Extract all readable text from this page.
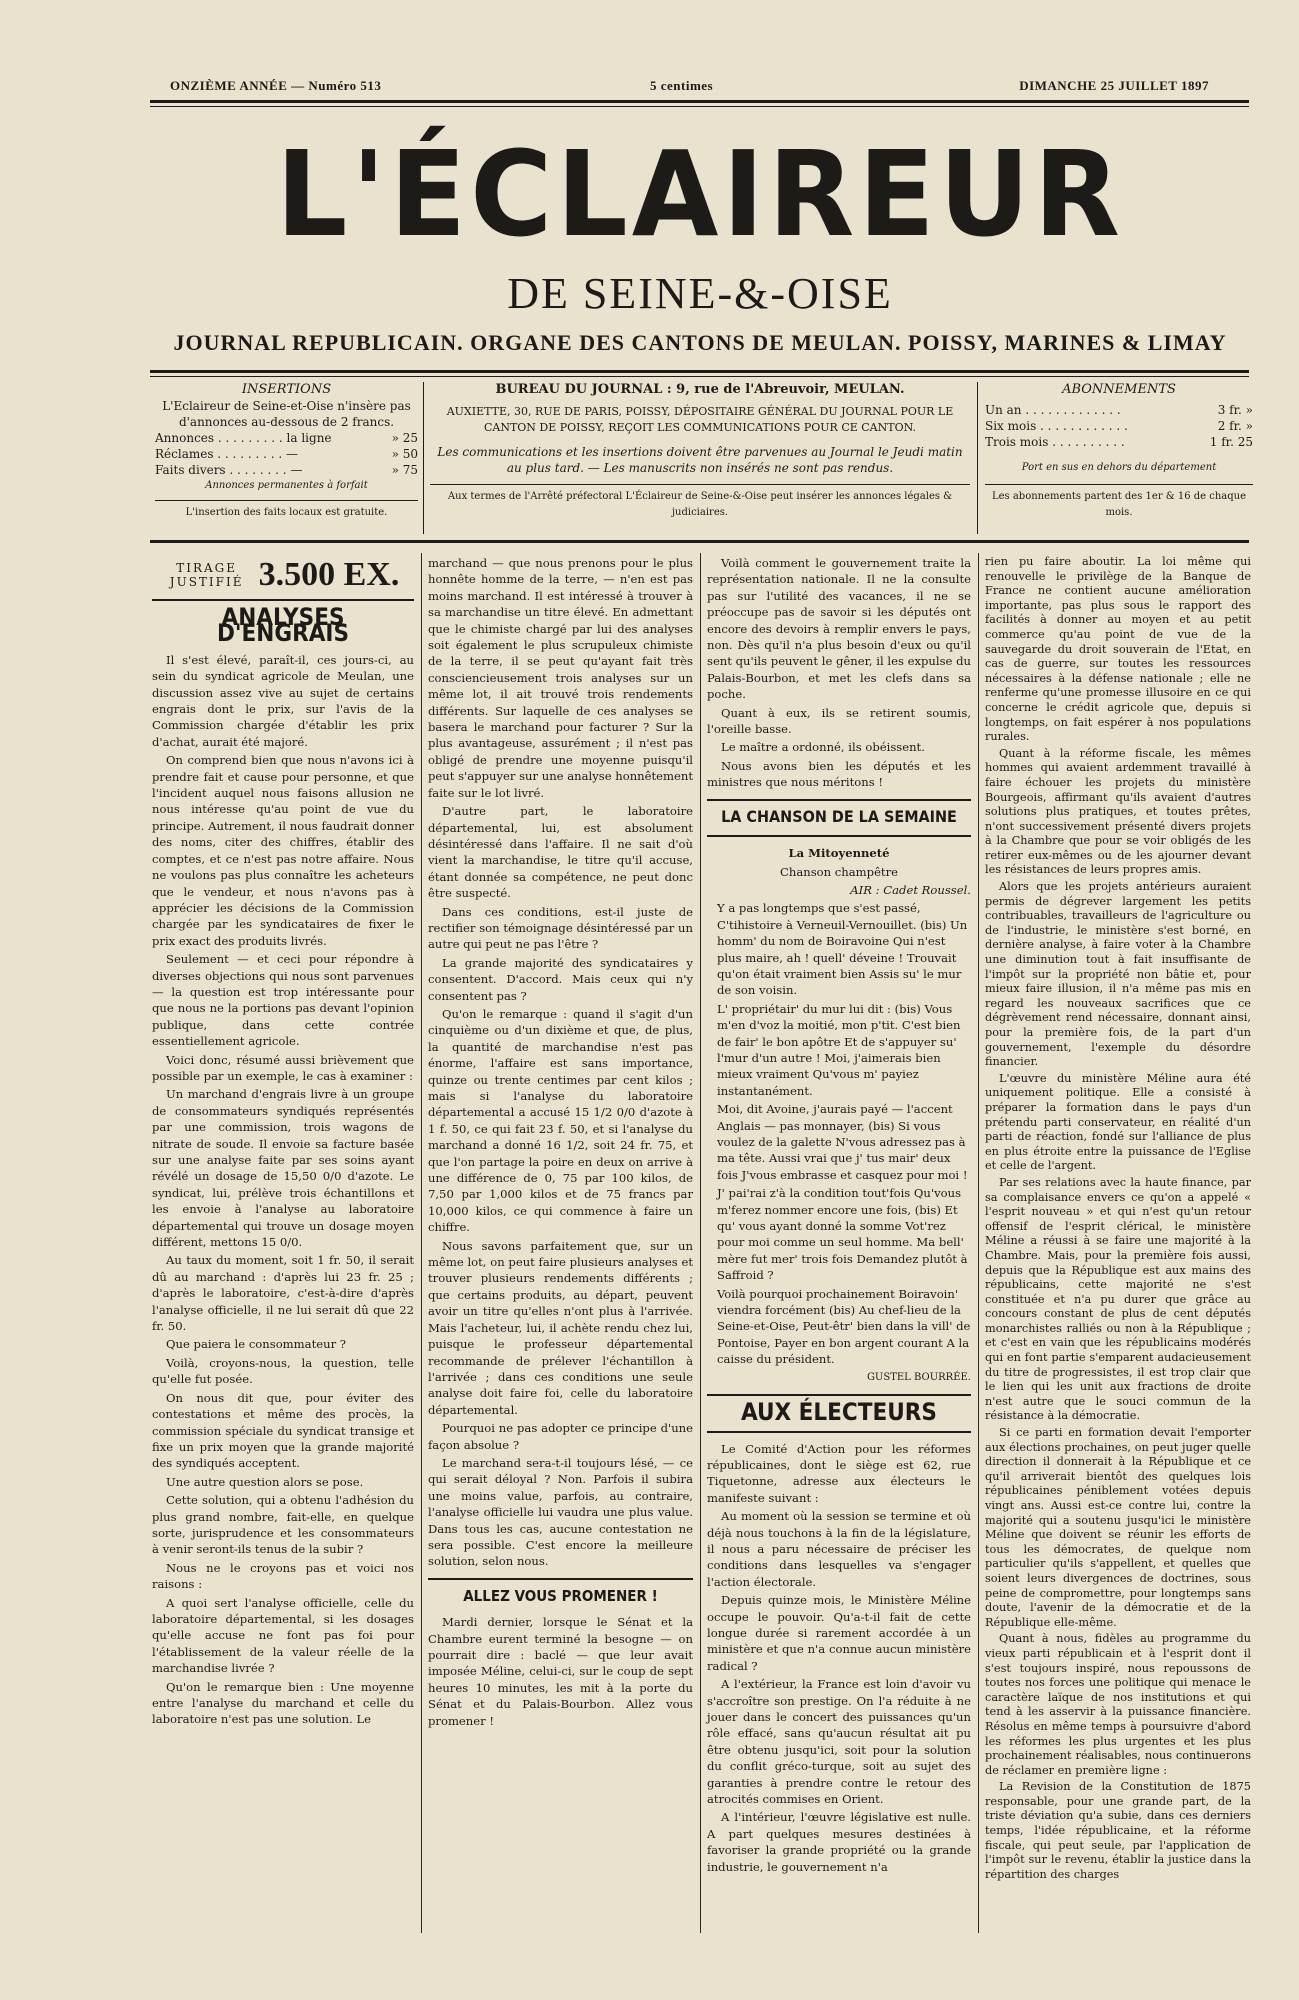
ONZIÈME ANNÉE — Numéro 513	5 centimes	DIMANCHE 25 JUILLET 1897
L'ÉCLAIREUR
DE SEINE-&-OISE
JOURNAL REPUBLICAIN. ORGANE DES CANTONS DE MEULAN. POISSY, MARINES & LIMAY
INSERTIONS
L'Eclaireur de Seine-et-Oise n'insère pas d'annonces au-dessous de 2 francs.
Annonces . . . . . . . . . la ligne	» 25
Réclames . . . . . . . . . —	» 50
Faits divers . . . . . . . . —	» 75
Annonces permanentes à forfait
L'insertion des faits locaux est gratuite.
BUREAU DU JOURNAL : 9, rue de l'Abreuvoir, MEULAN.
AUXIETTE, 30, RUE DE PARIS, POISSY, DÉPOSITAIRE GÉNÉRAL DU JOURNAL POUR LE CANTON DE POISSY, REÇOIT LES COMMUNICATIONS POUR CE CANTON.
Les communications et les insertions doivent être parvenues au Journal le Jeudi matin au plus tard. — Les manuscrits non insérés ne sont pas rendus.
Aux termes de l'Arrêté préfectoral L'Éclaireur de Seine-&-Oise peut insérer les annonces légales & judiciaires.
ABONNEMENTS
Un an . . . . . . . . . . . . .	3 fr. »
Six mois . . . . . . . . . . . .	2 fr. »
Trois mois . . . . . . . . . .	1 fr. 25
Port en sus en dehors du département
Les abonnements partent des 1er & 16 de chaque mois.
TIRAGE JUSTIFIÉ 3.500 EX.
ANALYSES D'ENGRAIS

Il s'est élevé, paraît-il, ces jours-ci, au sein du syndicat agricole de Meulan, une discussion assez vive au sujet de certains engrais dont le prix, sur l'avis de la Commission chargée d'établir les prix d'achat, aurait été majoré.

On comprend bien que nous n'avons ici à prendre fait et cause pour personne, et que l'incident auquel nous faisons allusion ne nous intéresse qu'au point de vue du principe. Autrement, il nous faudrait donner des noms, citer des chiffres, établir des comptes, et ce n'est pas notre affaire. Nous ne voulons pas plus connaître les acheteurs que le vendeur, et nous n'avons pas à apprécier les décisions de la Commission chargée par les syndicataires de fixer le prix exact des produits livrés.

Seulement — et ceci pour répondre à diverses objections qui nous sont parvenues — la question est trop intéressante pour que nous ne la portions pas devant l'opinion publique, dans cette contrée essentiellement agricole.

Voici donc, résumé aussi brièvement que possible par un exemple, le cas à examiner :

Un marchand d'engrais livre à un groupe de consommateurs syndiqués représentés par une commission, trois wagons de nitrate de soude. Il envoie sa facture basée sur une analyse faite par ses soins ayant révélé un dosage de 15,50 0/0 d'azote. Le syndicat, lui, prélève trois échantillons et les envoie à l'analyse au laboratoire départemental qui trouve un dosage moyen différent, mettons 15 0/0.

Au taux du moment, soit 1 fr. 50, il serait dû au marchand : d'après lui 23 fr. 25 ; d'après le laboratoire, c'est-à-dire d'après l'analyse officielle, il ne lui serait dû que 22 fr. 50.

Que paiera le consommateur ?

Voilà, croyons-nous, la question, telle qu'elle fut posée.

On nous dit que, pour éviter des contestations et même des procès, la commission spéciale du syndicat transige et fixe un prix moyen que la grande majorité des syndiqués acceptent.

Une autre question alors se pose.

Cette solution, qui a obtenu l'adhésion du plus grand nombre, fait-elle, en quelque sorte, jurisprudence et les consommateurs à venir seront-ils tenus de la subir ?

Nous ne le croyons pas et voici nos raisons :

A quoi sert l'analyse officielle, celle du laboratoire départemental, si les dosages qu'elle accuse ne font pas foi pour l'établissement de la valeur réelle de la marchandise livrée ?

Qu'on le remarque bien : Une moyenne entre l'analyse du marchand et celle du laboratoire n'est pas une solution. Le

marchand — que nous prenons pour le plus honnête homme de la terre, — n'en est pas moins marchand. Il est intéressé à trouver à sa marchandise un titre élevé. En admettant que le chimiste chargé par lui des analyses soit également le plus scrupuleux chimiste de la terre, il se peut qu'ayant fait très consciencieusement trois analyses sur un même lot, il ait trouvé trois rendements différents. Sur laquelle de ces analyses se basera le marchand pour facturer ? Sur la plus avantageuse, assurément ; il n'est pas obligé de prendre une moyenne puisqu'il peut s'appuyer sur une analyse honnêtement faite sur le lot livré.

D'autre part, le laboratoire départemental, lui, est absolument désintéressé dans l'affaire. Il ne sait d'où vient la marchandise, le titre qu'il accuse, étant donnée sa compétence, ne peut donc être suspecté.

Dans ces conditions, est-il juste de rectifier son témoignage désintéressé par un autre qui peut ne pas l'être ?

La grande majorité des syndicataires y consentent. D'accord. Mais ceux qui n'y consentent pas ?

Qu'on le remarque : quand il s'agit d'un cinquième ou d'un dixième et que, de plus, la quantité de marchandise n'est pas énorme, l'affaire est sans importance, quinze ou trente centimes par cent kilos ; mais si l'analyse du laboratoire départemental a accusé 15 1/2 0/0 d'azote à 1 f. 50, ce qui fait 23 f. 50, et si l'analyse du marchand a donné 16 1/2, soit 24 fr. 75, et que l'on partage la poire en deux on arrive à une différence de 0, 75 par 100 kilos, de 7,50 par 1,000 kilos et de 75 francs par 10,000 kilos, ce qui commence à faire un chiffre.

Nous savons parfaitement que, sur un même lot, on peut faire plusieurs analyses et trouver plusieurs rendements différents ; que certains produits, au départ, peuvent avoir un titre qu'elles n'ont plus à l'arrivée. Mais l'acheteur, lui, il achète rendu chez lui, puisque le professeur départemental recommande de prélever l'échantillon à l'arrivée ; dans ces conditions une seule analyse doit faire foi, celle du laboratoire départemental.

Pourquoi ne pas adopter ce principe d'une façon absolue ?

Le marchand sera-t-il toujours lésé, — ce qui serait déloyal ? Non. Parfois il subira une moins value, parfois, au contraire, l'analyse officielle lui vaudra une plus value. Dans tous les cas, aucune contestation ne sera possible. C'est encore la meilleure solution, selon nous.

ALLEZ VOUS PROMENER !

Mardi dernier, lorsque le Sénat et la Chambre eurent terminé la besogne — on pourrait dire : baclé — que leur avait imposée Méline, celui-ci, sur le coup de sept heures 10 minutes, les mit à la porte du Sénat et du Palais-Bourbon. Allez vous promener !

Voilà comment le gouvernement traite la représentation nationale. Il ne la consulte pas sur l'utilité des vacances, il ne se préoccupe pas de savoir si les députés ont encore des devoirs à remplir envers le pays, non. Dès qu'il n'a plus besoin d'eux ou qu'il sent qu'ils peuvent le gêner, il les expulse du Palais-Bourbon, et met les clefs dans sa poche.

Quant à eux, ils se retirent soumis, l'oreille basse.

Le maître a ordonné, ils obéissent.

Nous avons bien les députés et les ministres que nous méritons !

LA CHANSON DE LA SEMAINE

La Mitoyenneté

Chanson champêtre

AIR : Cadet Roussel.

Y a pas longtemps que s'est passé, C'tihistoire à Verneuil-Vernouillet. (bis) Un homm' du nom de Boiravoine Qui n'est plus maire, ah ! quell' déveine ! Trouvait qu'on était vraiment bien Assis su' le mur de son voisin.

L' propriétair' du mur lui dit : (bis) Vous m'en d'voz la moitié, mon p'tit. C'est bien de fair' le bon apôtre Et de s'appuyer su' l'mur d'un autre ! Moi, j'aimerais bien mieux vraiment Qu'vous m' payiez instantanément.

Moi, dit Avoine, j'aurais payé — l'accent Anglais — pas monnayer, (bis) Si vous voulez de la galette N'vous adressez pas à ma tête. Aussi vrai que j' tus mair' deux fois J'vous embrasse et casquez pour moi !

J' pai'rai z'à la condition tout'fois Qu'vous m'ferez nommer encore une fois, (bis) Et qu' vous ayant donné la somme Vot'rez pour moi comme un seul homme. Ma bell' mère fut mer' trois fois Demandez plutôt à Saffroid ?

Voilà pourquoi prochainement Boiravoin' viendra forcément (bis) Au chef-lieu de la Seine-et-Oise, Peut-êtr' bien dans la vill' de Pontoise, Payer en bon argent courant A la caisse du président.

GUSTEL BOURRÉE.

AUX ÉLECTEURS

Le Comité d'Action pour les réformes républicaines, dont le siège est 62, rue Tiquetonne, adresse aux électeurs le manifeste suivant :

Au moment où la session se termine et où déjà nous touchons à la fin de la législature, il nous a paru nécessaire de préciser les conditions dans lesquelles va s'engager l'action électorale.

Depuis quinze mois, le Ministère Méline occupe le pouvoir. Qu'a-t-il fait de cette longue durée si rarement accordée à un ministère et que n'a connue aucun ministère radical ?

A l'extérieur, la France est loin d'avoir vu s'accroître son prestige. On l'a réduite à ne jouer dans le concert des puissances qu'un rôle effacé, sans qu'aucun résultat ait pu être obtenu jusqu'ici, soit pour la solution du conflit gréco-turque, soit au sujet des garanties à prendre contre le retour des atrocités commises en Orient.

A l'intérieur, l'œuvre législative est nulle. A part quelques mesures destinées à favoriser la grande propriété ou la grande industrie, le gouvernement n'a

rien pu faire aboutir. La loi même qui renouvelle le privilège de la Banque de France ne contient aucune amélioration importante, pas plus sous le rapport des facilités à donner au moyen et au petit commerce qu'au point de vue de la sauvegarde du droit souverain de l'Etat, en cas de guerre, sur toutes les ressources nécessaires à la défense nationale ; elle ne renferme qu'une promesse illusoire en ce qui concerne le crédit agricole que, depuis si longtemps, on fait espérer à nos populations rurales.

Quant à la réforme fiscale, les mêmes hommes qui avaient ardemment travaillé à faire échouer les projets du ministère Bourgeois, affirmant qu'ils avaient d'autres solutions plus pratiques, et toutes prêtes, n'ont successivement présenté divers projets à la Chambre que pour se voir obligés de les retirer eux-mêmes ou de les ajourner devant les résistances de leurs propres amis.

Alors que les projets antérieurs auraient permis de dégrever largement les petits contribuables, travailleurs de l'agriculture ou de l'industrie, le ministère s'est borné, en dernière analyse, à faire voter à la Chambre une diminution tout à fait insuffisante de l'impôt sur la propriété non bâtie et, pour mieux faire illusion, il n'a même pas mis en regard les nouveaux sacrifices que ce dégrèvement rend nécessaire, donnant ainsi, pour la première fois, de la part d'un gouvernement, l'exemple du désordre financier.

L'œuvre du ministère Méline aura été uniquement politique. Elle a consisté à préparer la formation dans le pays d'un prétendu parti conservateur, en réalité d'un parti de réaction, fondé sur l'alliance de plus en plus étroite entre la puissance de l'Eglise et celle de l'argent.

Par ses relations avec la haute finance, par sa complaisance envers ce qu'on a appelé « l'esprit nouveau » et qui n'est qu'un retour offensif de l'esprit clérical, le ministère Méline a réussi à se faire une majorité à la Chambre. Mais, pour la première fois aussi, depuis que la République est aux mains des républicains, cette majorité ne s'est constituée et n'a pu durer que grâce au concours constant de plus de cent députés monarchistes ralliés ou non à la République ; et c'est en vain que les républicains modérés qui en font partie s'emparent audacieusement du titre de progressistes, il est trop clair que le lien qui les unit aux fractions de droite n'est autre que le souci commun de la résistance à la démocratie.

Si ce parti en formation devait l'emporter aux élections prochaines, on peut juger quelle direction il donnerait à la République et ce qu'il arriverait bientôt des quelques lois républicaines péniblement votées depuis vingt ans. Aussi est-ce contre lui, contre la majorité qui a soutenu jusqu'ici le ministère Méline que doivent se réunir les efforts de tous les démocrates, de quelque nom particulier qu'ils s'appellent, et quelles que soient leurs divergences de doctrines, sous peine de compromettre, pour longtemps sans doute, l'avenir de la démocratie et de la République elle-même.

Quant à nous, fidèles au programme du vieux parti républicain et à l'esprit dont il s'est toujours inspiré, nous repoussons de toutes nos forces une politique qui menace le caractère laïque de nos institutions et qui tend à les asservir à la puissance financière. Résolus en même temps à poursuivre d'abord les réformes les plus urgentes et les plus prochainement réalisables, nous continuerons de réclamer en première ligne :

La Revision de la Constitution de 1875 responsable, pour une grande part, de la triste déviation qu'a subie, dans ces derniers temps, l'idée républicaine, et la réforme fiscale, qui peut seule, par l'application de l'impôt sur le revenu, établir la justice dans la répartition des charges
